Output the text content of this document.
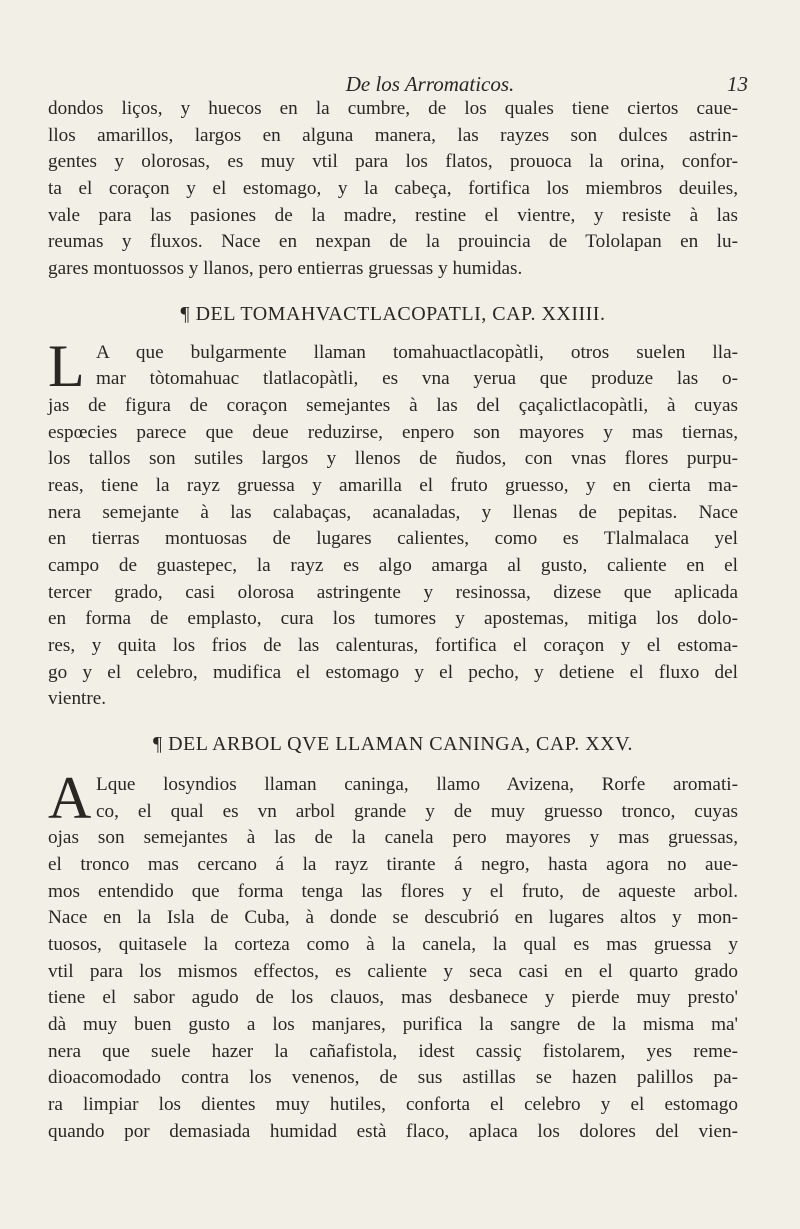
De los Arromaticos.	13
dondos liços, y huecos en la cumbre, de los quales tiene ciertos caue-
llos amarillos, largos en alguna manera, las rayzes son dulces astrin-
gentes y olorosas, es muy vtil para los flatos, prouoca la orina, confor-
ta el coraçon y el estomago, y la cabeça, fortifica los miembros deuiles,
vale para las pasiones de la madre, restine el vientre, y resiste à las
reumas y fluxos. Nace en nexpan de la prouincia de Tololapan en lu-
gares montuossos y llanos, pero entierras gruessas y humidas.
¶ DEL TOMAHVACTLACOPATLI, CAP. XXIIII.
L A que bulgarmente llaman tomahuactlacopàtli, otros suelen lla-
mar tòtomahuac tlatlacopàtli, es vna yerua que produze las o-
jas de figura de coraçon semejantes à las del çaçalictlacopàtli, à cuyas
espœcies parece que deue reduzirse, enpero son mayores y mas tiernas,
los tallos son sutiles largos y llenos de ñudos, con vnas flores purpu-
reas, tiene la rayz gruessa y amarilla el fruto gruesso, y en cierta ma-
nera semejante à las calabaças, acanaladas, y llenas de pepitas. Nace
en tierras montuosas de lugares calientes, como es Tlalmalaca yel
campo de guastepec, la rayz es algo amarga al gusto, caliente en el
tercer grado, casi olorosa astringente y resinossa, dizese que aplicada
en forma de emplasto, cura los tumores y apostemas, mitiga los dolo-
res, y quita los frios de las calenturas, fortifica el coraçon y el estoma-
go y el celebro, mudifica el estomago y el pecho, y detiene el fluxo del
vientre.
¶ DEL ARBOL QVE LLAMAN CANINGA, CAP. XXV.
A Lque losyndios llaman caninga, llamo Avizena, Rorfe aromati-
co, el qual es vn arbol grande y de muy gruesso tronco, cuyas
ojas son semejantes à las de la canela pero mayores y mas gruessas,
el tronco mas cercano á la rayz tirante á negro, hasta agora no aue-
mos entendido que forma tenga las flores y el fruto, de aqueste arbol.
Nace en la Isla de Cuba, à donde se descubrió en lugares altos y mon-
tuosos, quitasele la corteza como à la canela, la qual es mas gruessa y
vtil para los mismos effectos, es caliente y seca casi en el quarto grado
tiene el sabor agudo de los clauos, mas desbanece y pierde muy presto'
dà muy buen gusto a los manjares, purifica la sangre de la misma ma'
nera que suele hazer la cañafistola, idest cassiç fistolarem, yes reme-
dioacomodado contra los venenos, de sus astillas se hazen palillos pa-
ra limpiar los dientes muy hutiles, conforta el celebro y el estomago
quando por demasiada humidad està flaco, aplaca los dolores del vien-
